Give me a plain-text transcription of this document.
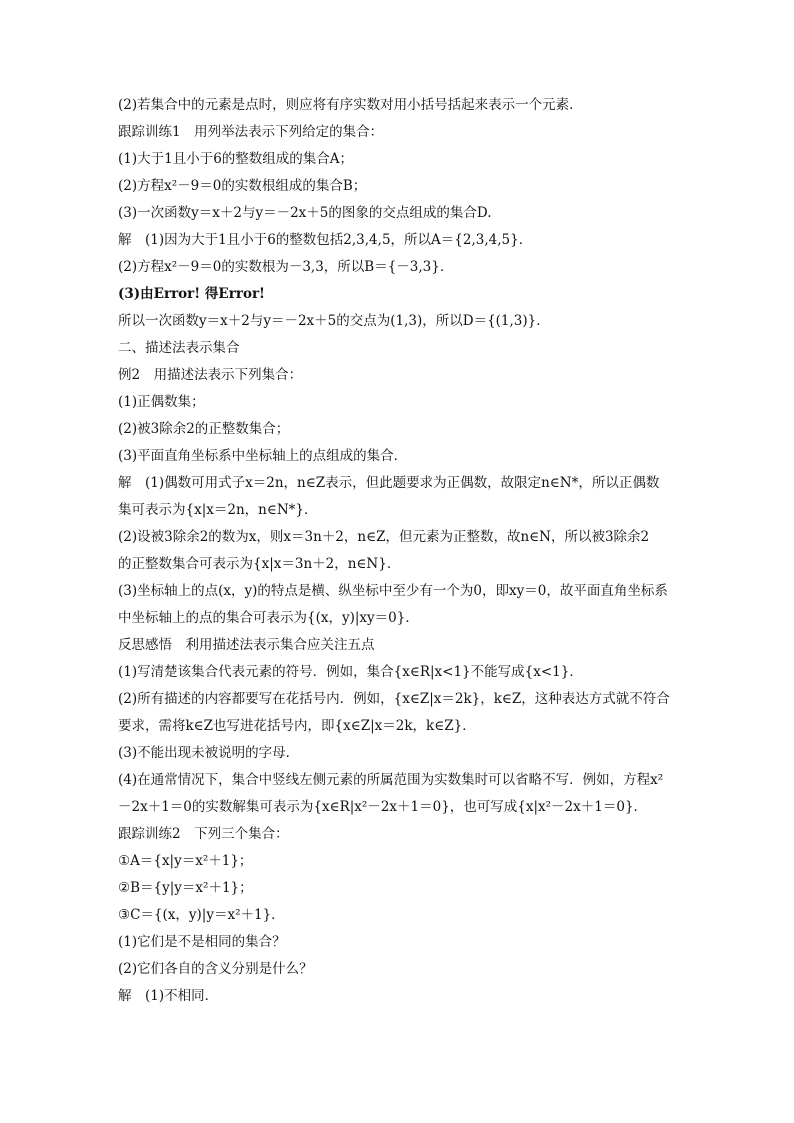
(2)若集合中的元素是点时，则应将有序实数对用小括号括起来表示一个元素．
跟踪训练1　用列举法表示下列给定的集合：
(1)大于1且小于6的整数组成的集合A；
(2)方程x²－9＝0的实数根组成的集合B；
(3)一次函数y＝x＋2与y＝－2x＋5的图象的交点组成的集合D.
解　(1)因为大于1且小于6的整数包括2,3,4,5，所以A＝{2,3,4,5}．
(2)方程x²－9＝0的实数根为－3,3，所以B＝{－3,3}．
(3)由Error! 得Error!
所以一次函数y＝x＋2与y＝－2x＋5的交点为(1,3)，所以D＝{(1,3)}．
二、描述法表示集合
例2　用描述法表示下列集合：
(1)正偶数集；
(2)被3除余2的正整数集合；
(3)平面直角坐标系中坐标轴上的点组成的集合．
解　(1)偶数可用式子x＝2n，n∈Z表示，但此题要求为正偶数，故限定n∈N*，所以正偶数
集可表示为{x|x＝2n，n∈N*}．
(2)设被3除余2的数为x，则x＝3n＋2，n∈Z，但元素为正整数，故n∈N，所以被3除余2
的正整数集合可表示为{x|x＝3n＋2，n∈N}．
(3)坐标轴上的点(x，y)的特点是横、纵坐标中至少有一个为0，即xy＝0，故平面直角坐标系
中坐标轴上的点的集合可表示为{(x，y)|xy＝0}．
反思感悟　利用描述法表示集合应关注五点
(1)写清楚该集合代表元素的符号．例如，集合{x∈R|x<1}不能写成{x<1}．
(2)所有描述的内容都要写在花括号内．例如，{x∈Z|x＝2k}，k∈Z，这种表达方式就不符合
要求，需将k∈Z也写进花括号内，即{x∈Z|x＝2k，k∈Z}．
(3)不能出现未被说明的字母．
(4)在通常情况下，集合中竖线左侧元素的所属范围为实数集时可以省略不写．例如，方程x²
－2x＋1＝0的实数解集可表示为{x∈R|x²－2x＋1＝0}，也可写成{x|x²－2x＋1＝0}．
跟踪训练2　下列三个集合：
①A＝{x|y＝x²＋1}；
②B＝{y|y＝x²＋1}；
③C＝{(x，y)|y＝x²＋1}．
(1)它们是不是相同的集合？
(2)它们各自的含义分别是什么？
解　(1)不相同．
